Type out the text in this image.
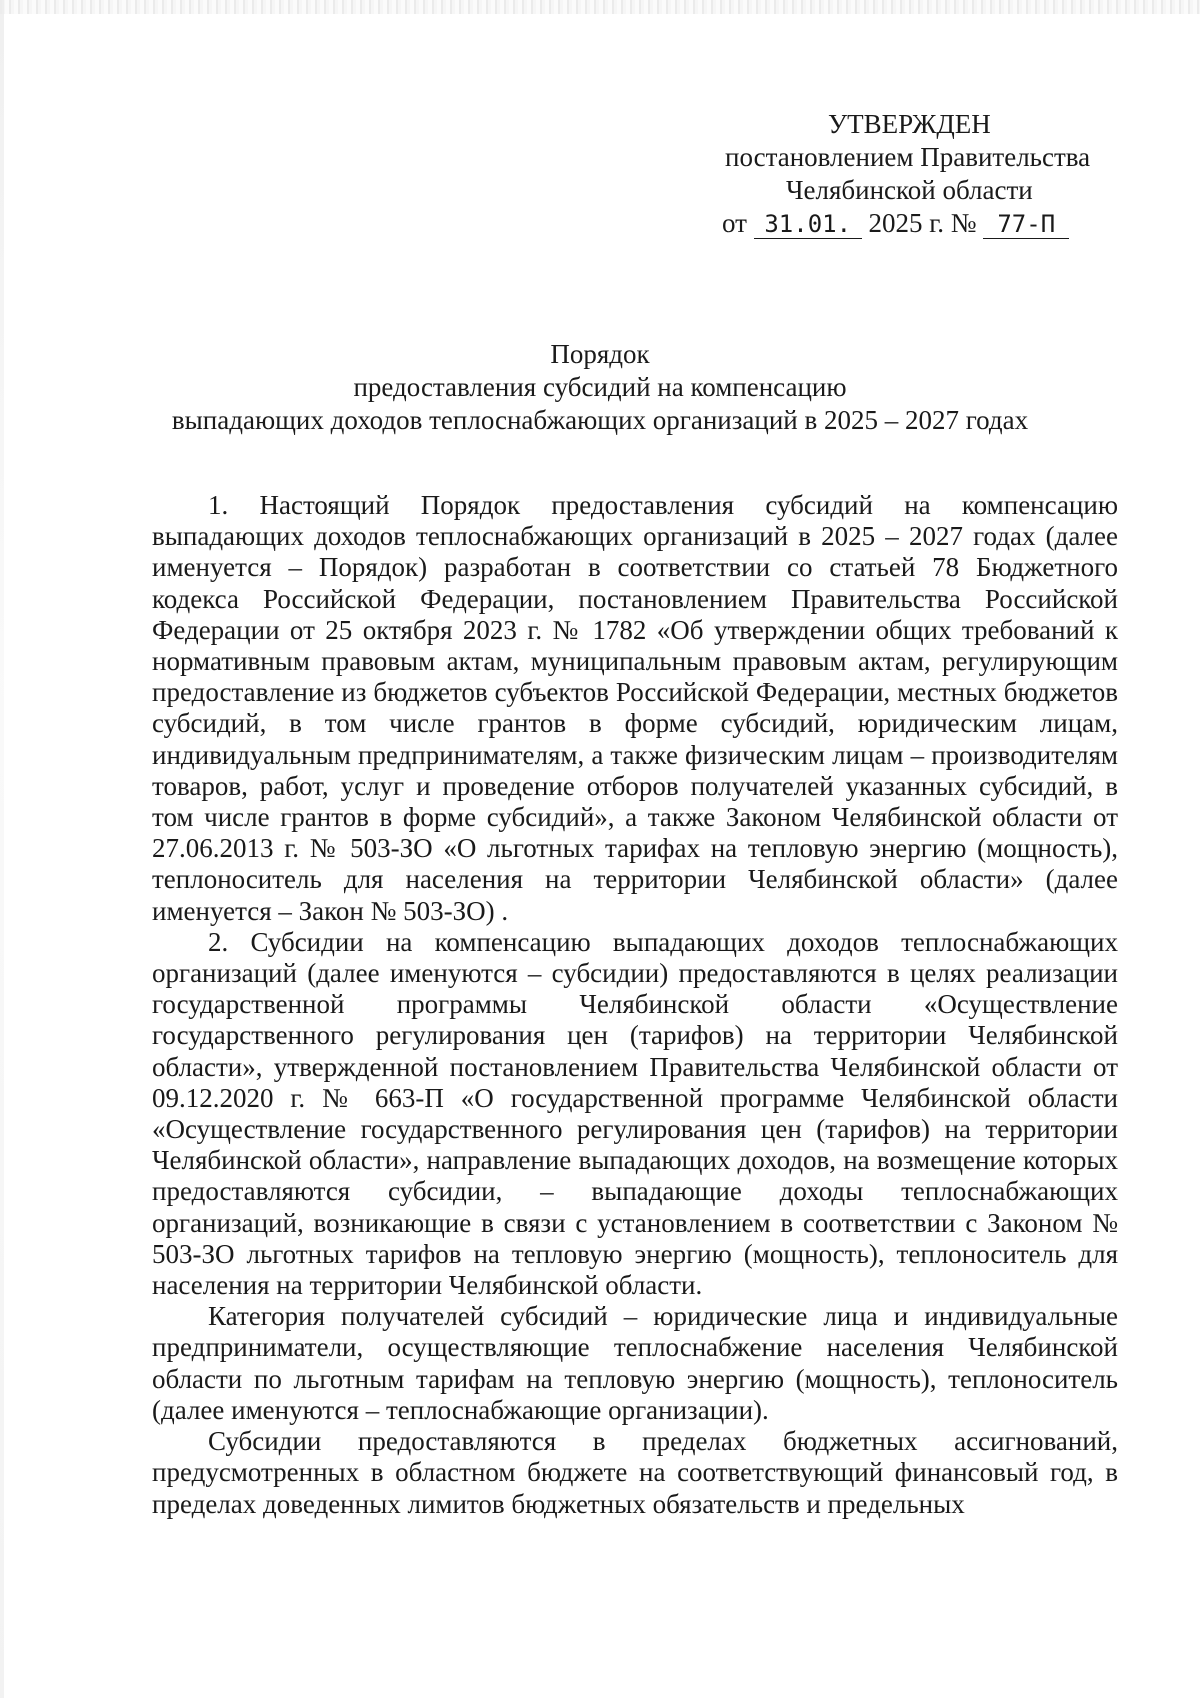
УТВЕРЖДЕН
постановлением Правительства
Челябинской области
от 31.01. 2025 г. № 77-П
Порядок
предоставления субсидий на компенсацию
выпадающих доходов теплоснабжающих организаций в 2025 – 2027 годах

1. Настоящий Порядок предоставления субсидий на компенсацию выпадающих доходов теплоснабжающих организаций в 2025 – 2027 годах (далее именуется – Порядок) разработан в соответствии со статьей 78 Бюджетного кодекса Российской Федерации, постановлением Правительства Российской Федерации от 25 октября 2023 г. № 1782 «Об утверждении общих требований к нормативным правовым актам, муниципальным правовым актам, регулирующим предоставление из бюджетов субъектов Российской Федерации, местных бюджетов субсидий, в том числе грантов в форме субсидий, юридическим лицам, индивидуальным предпринимателям, а также физическим лицам – производителям товаров, работ, услуг и проведение отборов получателей указанных субсидий, в том числе грантов в форме субсидий», а также Законом Челябинской области от 27.06.2013 г. № 503-ЗО «О льготных тарифах на тепловую энергию (мощность), теплоноситель для населения на территории Челябинской области» (далее именуется – Закон № 503-ЗО) .

2. Субсидии на компенсацию выпадающих доходов теплоснабжающих организаций (далее именуются – субсидии) предоставляются в целях реализации государственной программы Челябинской области «Осуществление государственного регулирования цен (тарифов) на территории Челябинской области», утвержденной постановлением Правительства Челябинской области от 09.12.2020 г. № 663-П «О государственной программе Челябинской области «Осуществление государственного регулирования цен (тарифов) на территории Челябинской области», направление выпадающих доходов, на возмещение которых предоставляются субсидии, – выпадающие доходы теплоснабжающих организаций, возникающие в связи с установлением в соответствии с Законом № 503-ЗО льготных тарифов на тепловую энергию (мощность), теплоноситель для населения на территории Челябинской области.

Категория получателей субсидий – юридические лица и индивидуальные предприниматели, осуществляющие теплоснабжение населения Челябинской области по льготным тарифам на тепловую энергию (мощность), теплоноситель (далее именуются – теплоснабжающие организации).

Субсидии предоставляются в пределах бюджетных ассигнований, предусмотренных в областном бюджете на соответствующий финансовый год, в пределах доведенных лимитов бюджетных обязательств и предельных
